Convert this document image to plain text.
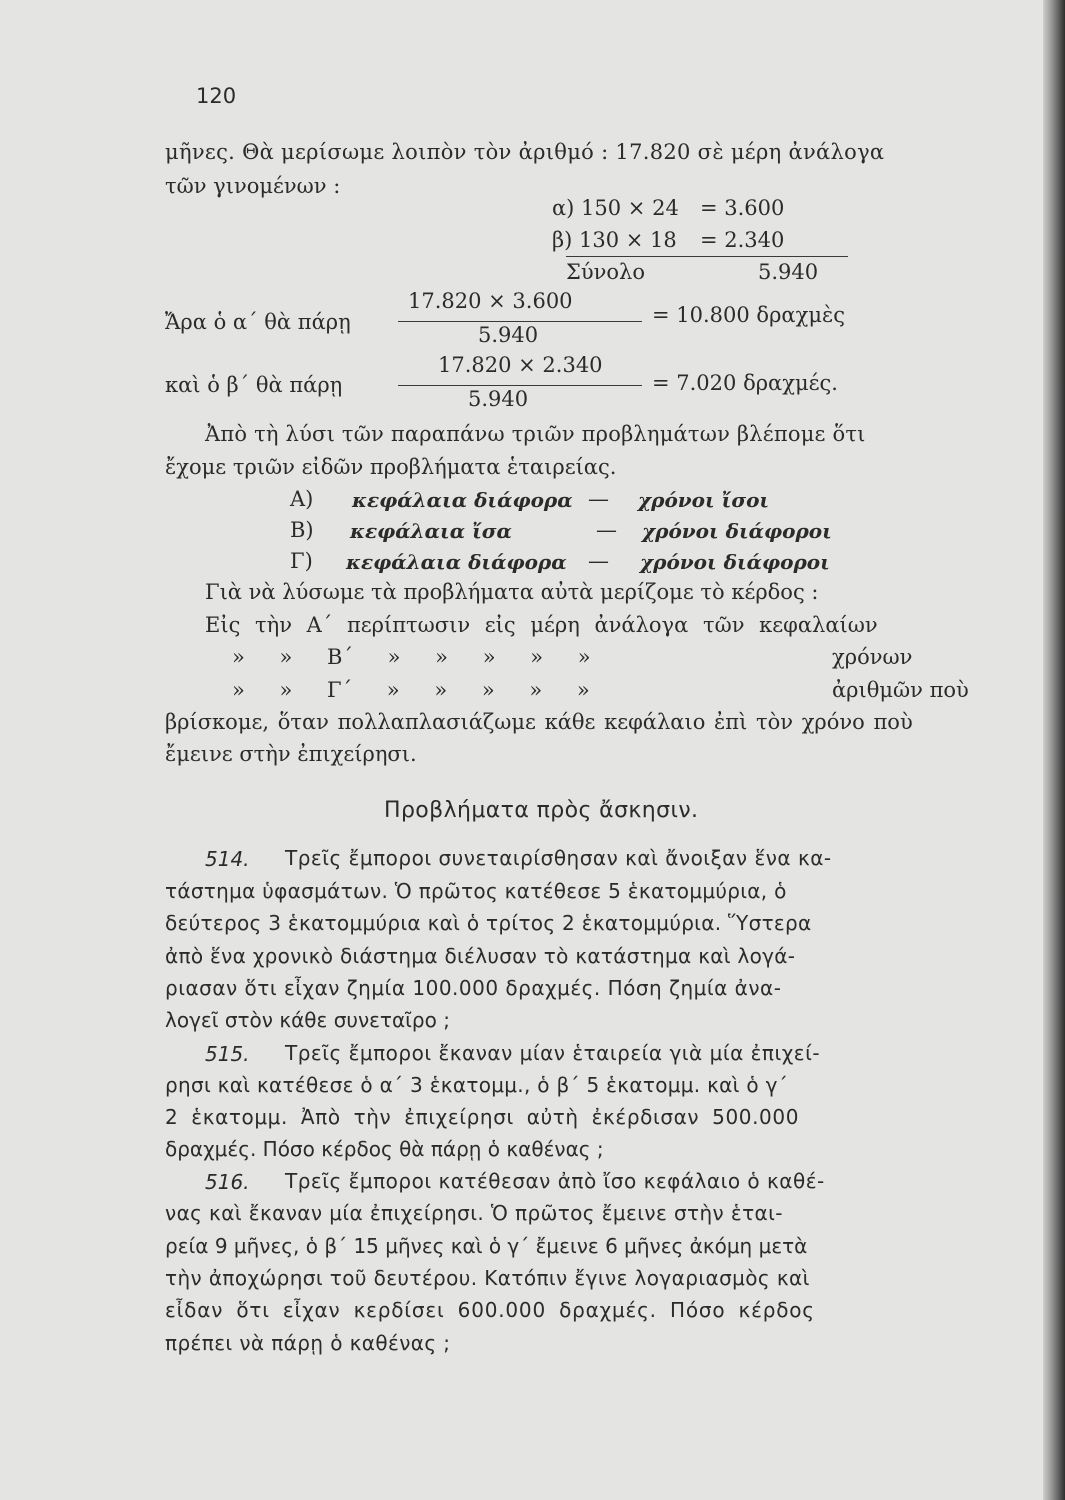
120
μῆνες. Θὰ μερίσωμε λοιπὸν τὸν ἀριθμό : 17.820 σὲ μέρη ἀνάλογα
τῶν γινομένων :
α) 150 × 24 = 3.600
β) 130 × 18 = 2.340
Σύνολο	5.940
17.820 × 3.600
Ἄρα ὁ α΄ θὰ πάρῃ	= 10.800 δραχμὲς
5.940
17.820 × 2.340
καὶ ὁ β΄ θὰ πάρῃ	= 7.020 δραχμές.
5.940
Ἀπὸ τὴ λύσι τῶν παραπάνω τριῶν προβλημάτων βλέπομε ὅτι
ἔχομε τριῶν εἰδῶν προβλήματα ἑταιρείας.
Α) κεφάλαια διάφορα — χρόνοι ἴσοι
Β) κεφάλαια ἴσα	— χρόνοι διάφοροι
Γ) κεφάλαια διάφορα — χρόνοι διάφοροι
Γιὰ νὰ λύσωμε τὰ προβλήματα αὐτὰ μερίζομε τὸ κέρδος :
Εἰς τὴν Α΄ περίπτωσιν εἰς μέρη ἀνάλογα τῶν κεφαλαίων
» » Β΄ » » » » »	χρόνων
» » Γ΄ » » » » »	ἀριθμῶν ποὺ
βρίσκομε, ὅταν πολλαπλασιάζωμε κάθε κεφάλαιο ἐπὶ τὸν χρόνο ποὺ
ἔμεινε στὴν ἐπιχείρησι.
Προβλήματα πρὸς ἄσκησιν.
514. Τρεῖς ἔμποροι συνεταιρίσθησαν καὶ ἄνοιξαν ἕνα κα-
τάστημα ὑφασμάτων. Ὁ πρῶτος κατέθεσε 5 ἑκατομμύρια, ὁ
δεύτερος 3 ἑκατομμύρια καὶ ὁ τρίτος 2 ἑκατομμύρια. Ὕστερα
ἀπὸ ἕνα χρονικὸ διάστημα διέλυσαν τὸ κατάστημα καὶ λογά-
ριασαν ὅτι εἶχαν ζημία 100.000 δραχμές. Πόση ζημία ἀνα-
λογεῖ στὸν κάθε συνεταῖρο ;
515. Τρεῖς ἔμποροι ἔκαναν μίαν ἑταιρεία γιὰ μία ἐπιχεί-
ρησι καὶ κατέθεσε ὁ α΄ 3 ἑκατομμ., ὁ β΄ 5 ἑκατομμ. καὶ ὁ γ΄
2 ἑκατομμ. Ἀπὸ τὴν ἐπιχείρησι αὐτὴ ἐκέρδισαν 500.000
δραχμές. Πόσο κέρδος θὰ πάρῃ ὁ καθένας ;
516. Τρεῖς ἔμποροι κατέθεσαν ἀπὸ ἴσο κεφάλαιο ὁ καθέ-
νας καὶ ἔκαναν μία ἐπιχείρησι. Ὁ πρῶτος ἔμεινε στὴν ἑται-
ρεία 9 μῆνες, ὁ β΄ 15 μῆνες καὶ ὁ γ΄ ἔμεινε 6 μῆνες ἀκόμη μετὰ
τὴν ἀποχώρησι τοῦ δευτέρου. Κατόπιν ἔγινε λογαριασμὸς καὶ
εἶδαν ὅτι εἶχαν κερδίσει 600.000 δραχμές. Πόσο κέρδος
πρέπει νὰ πάρῃ ὁ καθένας ;
